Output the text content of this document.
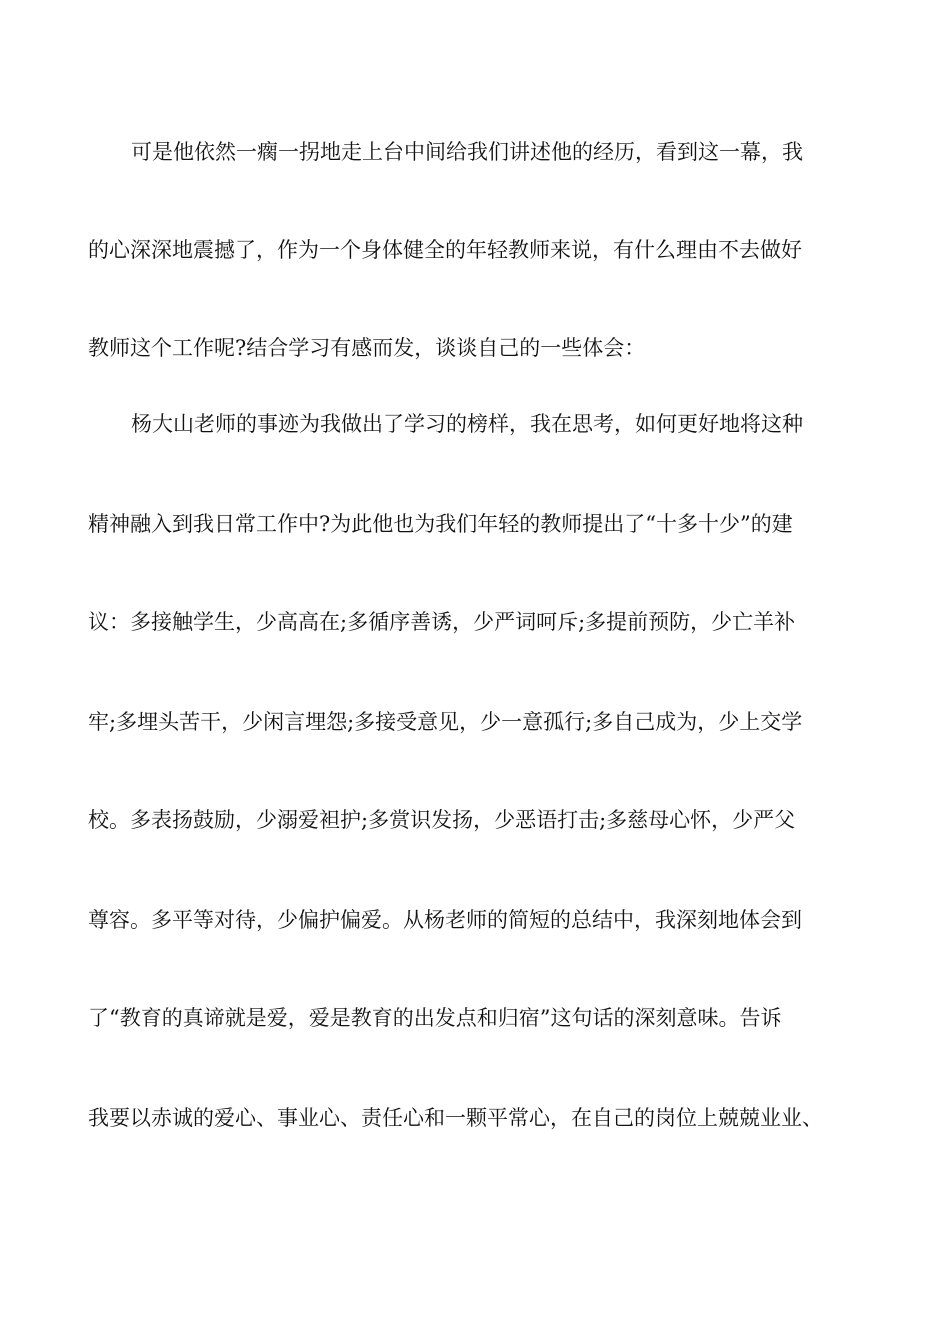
可是他依然一瘸一拐地走上台中间给我们讲述他的经历，看到这一幕，我
的心深深地震撼了，作为一个身体健全的年轻教师来说，有什么理由不去做好
教师这个工作呢?结合学习有感而发，谈谈自己的一些体会：
杨大山老师的事迹为我做出了学习的榜样，我在思考，如何更好地将这种
精神融入到我日常工作中?为此他也为我们年轻的教师提出了“十多十少”的建
议：多接触学生，少高高在;多循序善诱，少严词呵斥;多提前预防，少亡羊补
牢;多埋头苦干，少闲言埋怨;多接受意见，少一意孤行;多自己成为，少上交学
校。多表扬鼓励，少溺爱袒护;多赏识发扬，少恶语打击;多慈母心怀，少严父
尊容。多平等对待，少偏护偏爱。从杨老师的简短的总结中，我深刻地体会到
了“教育的真谛就是爱，爱是教育的出发点和归宿”这句话的深刻意味。告诉
我要以赤诚的爱心、事业心、责任心和一颗平常心，在自己的岗位上兢兢业业、
